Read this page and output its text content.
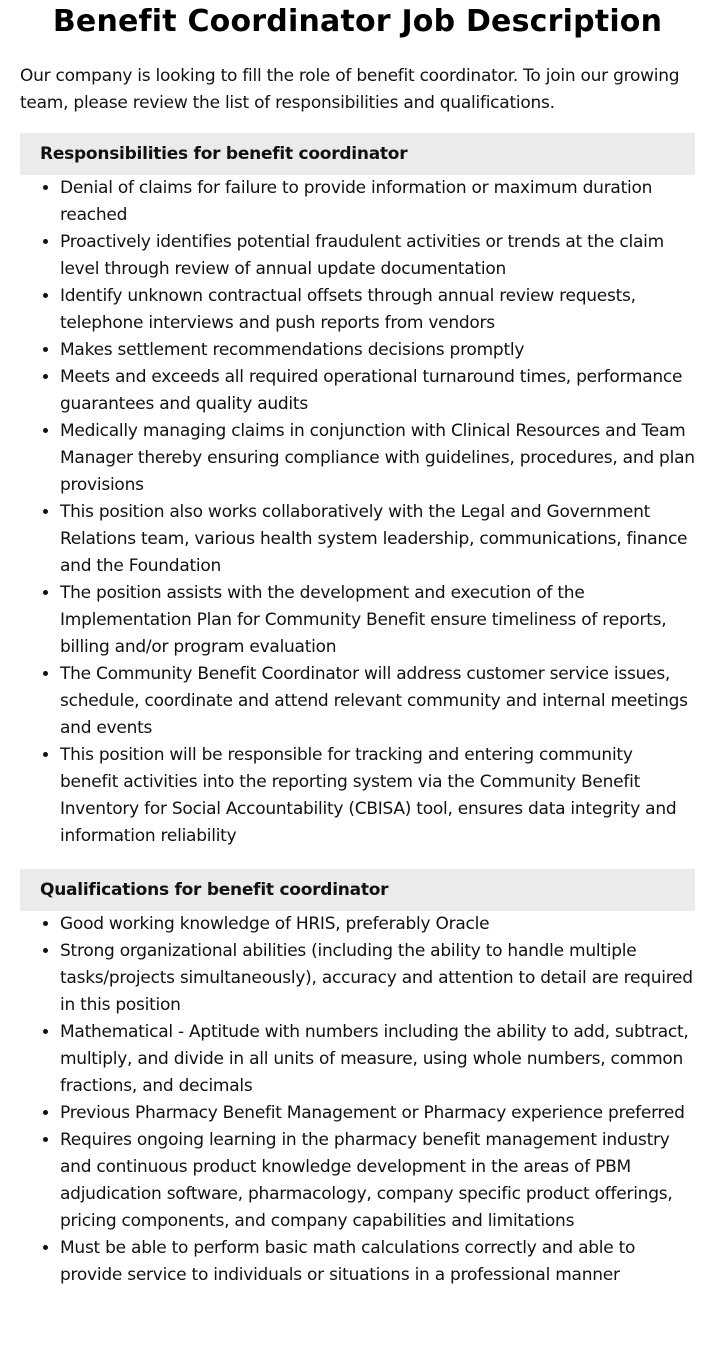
Benefit Coordinator Job Description

Our company is looking to fill the role of benefit coordinator. To join our growing team, please review the list of responsibilities and qualifications.

Responsibilities for benefit coordinator
• Denial of claims for failure to provide information or maximum duration reached
• Proactively identifies potential fraudulent activities or trends at the claim level through review of annual update documentation
• Identify unknown contractual offsets through annual review requests, telephone interviews and push reports from vendors
• Makes settlement recommendations decisions promptly
• Meets and exceeds all required operational turnaround times, performance guarantees and quality audits
• Medically managing claims in conjunction with Clinical Resources and Team Manager thereby ensuring compliance with guidelines, procedures, and plan provisions
• This position also works collaboratively with the Legal and Government Relations team, various health system leadership, communications, finance and the Foundation
• The position assists with the development and execution of the Implementation Plan for Community Benefit ensure timeliness of reports, billing and/or program evaluation
• The Community Benefit Coordinator will address customer service issues, schedule, coordinate and attend relevant community and internal meetings and events
• This position will be responsible for tracking and entering community benefit activities into the reporting system via the Community Benefit Inventory for Social Accountability (CBISA) tool, ensures data integrity and information reliability
Qualifications for benefit coordinator
• Good working knowledge of HRIS, preferably Oracle
• Strong organizational abilities (including the ability to handle multiple tasks/projects simultaneously), accuracy and attention to detail are required in this position
• Mathematical - Aptitude with numbers including the ability to add, subtract, multiply, and divide in all units of measure, using whole numbers, common fractions, and decimals
• Previous Pharmacy Benefit Management or Pharmacy experience preferred
• Requires ongoing learning in the pharmacy benefit management industry and continuous product knowledge development in the areas of PBM adjudication software, pharmacology, company specific product offerings, pricing components, and company capabilities and limitations
• Must be able to perform basic math calculations correctly and able to provide service to individuals or situations in a professional manner
